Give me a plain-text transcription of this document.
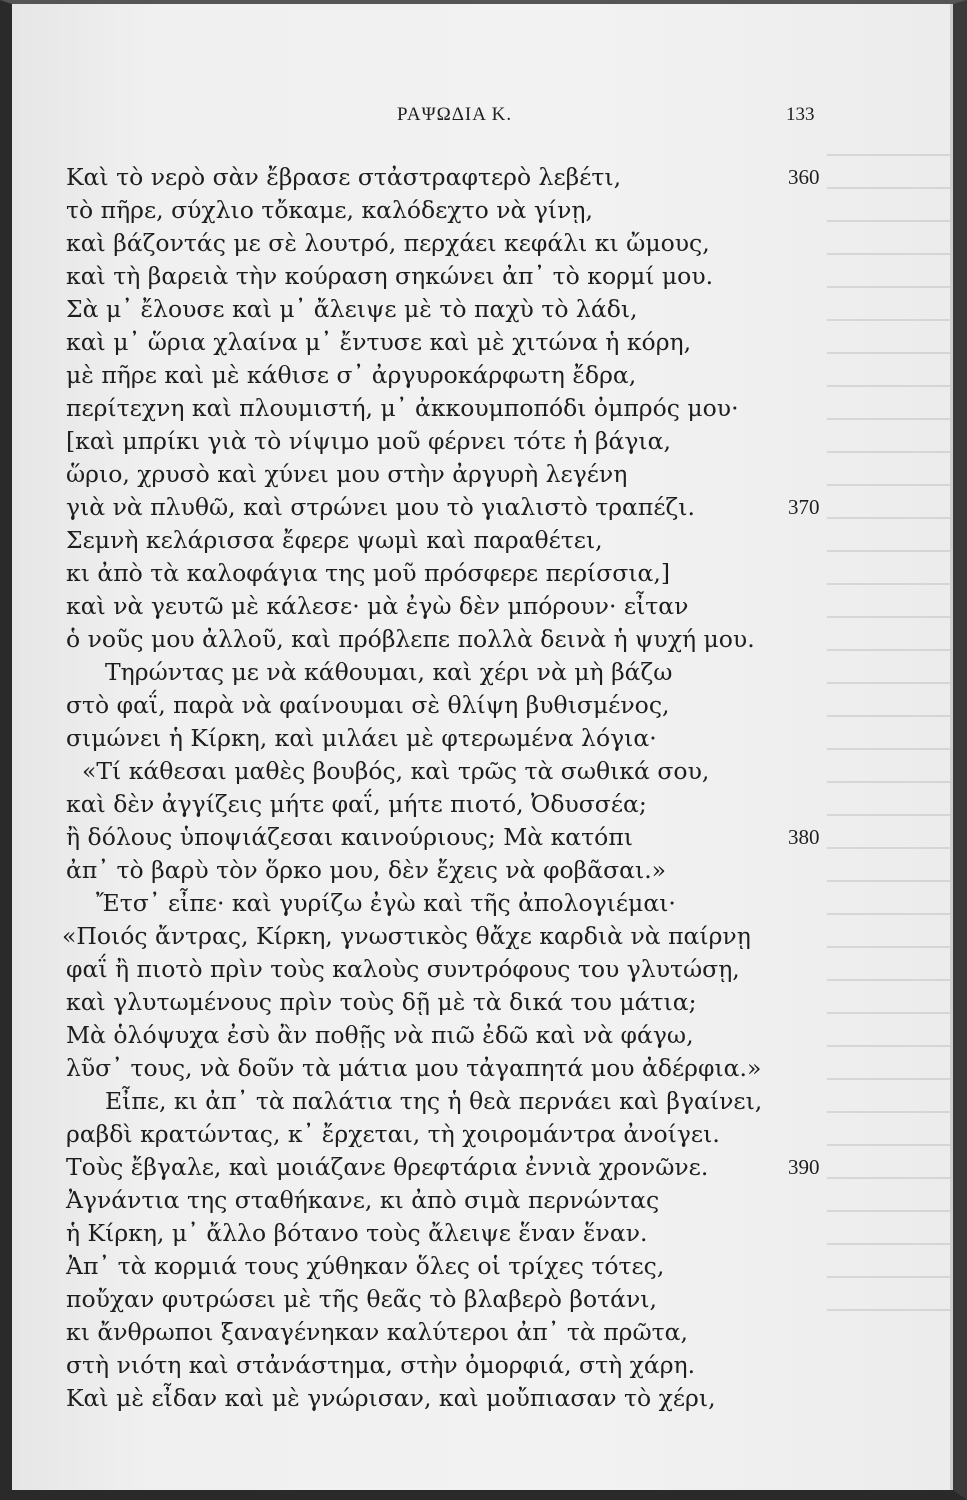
ΡΑΨΩΔΙΑ Κ.	133
Καὶ τὸ νερὸ σὰν ἔβρασε στἀστραφτερὸ λεβέτι,
τὸ πῆρε, σύχλιο τὄκαμε, καλόδεχτο νὰ γίνῃ,
καὶ βάζοντάς με σὲ λουτρό, περχάει κεφάλι κι ὤμους,
καὶ τὴ βαρειὰ τὴν κούραση σηκώνει ἀπ᾽ τὸ κορμί μου.
Σὰ μ᾽ ἔλουσε καὶ μ᾽ ἄλειψε μὲ τὸ παχὺ τὸ λάδι,
καὶ μ᾽ ὥρια χλαίνα μ᾽ ἔντυσε καὶ μὲ χιτώνα ἡ κόρη,
μὲ πῆρε καὶ μὲ κάθισε σ᾽ ἀργυροκάρφωτη ἔδρα,
περίτεχνη καὶ πλουμιστή, μ᾽ ἀκκουμποπόδι ὀμπρός μου·
[καὶ μπρίκι γιὰ τὸ νίψιμο μοῦ φέρνει τότε ἡ βάγια,
ὥριο, χρυσὸ καὶ χύνει μου στὴν ἀργυρὴ λεγένη
γιὰ νὰ πλυθῶ, καὶ στρώνει μου τὸ γιαλιστὸ τραπέζι.
Σεμνὴ κελάρισσα ἔφερε ψωμὶ καὶ παραθέτει,
κι ἀπὸ τὰ καλοφάγια της μοῦ πρόσφερε περίσσια,]
καὶ νὰ γευτῶ μὲ κάλεσε· μὰ ἐγὼ δὲν μπόρουν· εἶταν
ὁ νοῦς μου ἀλλοῦ, καὶ πρόβλεπε πολλὰ δεινὰ ἡ ψυχή μου.
Τηρώντας με νὰ κάθουμαι, καὶ χέρι νὰ μὴ βάζω
στὸ φαΐ, παρὰ νὰ φαίνουμαι σὲ θλίψη βυθισμένος,
σιμώνει ἡ Κίρκη, καὶ μιλάει μὲ φτερωμένα λόγια·
«Τί κάθεσαι μαθὲς βουβός, καὶ τρῶς τὰ σωθικά σου,
καὶ δὲν ἀγγίζεις μήτε φαΐ, μήτε πιοτό, Ὀδυσσέα;
ἢ δόλους ὑποψιάζεσαι καινούριους; Μὰ κατόπι
ἀπ᾽ τὸ βαρὺ τὸν ὅρκο μου, δὲν ἔχεις νὰ φοβᾶσαι.»
Ἔτσ᾽ εἶπε· καὶ γυρίζω ἐγὼ καὶ τῆς ἀπολογιέμαι·
«Ποιός ἄντρας, Κίρκη, γνωστικὸς θἄχε καρδιὰ νὰ παίρνῃ
φαΐ ἢ πιοτὸ πρὶν τοὺς καλοὺς συντρόφους του γλυτώσῃ,
καὶ γλυτωμένους πρὶν τοὺς δῇ μὲ τὰ δικά του μάτια;
Μὰ ὁλόψυχα ἐσὺ ἂν ποθῇς νὰ πιῶ ἐδῶ καὶ νὰ φάγω,
λῦσ᾽ τους, νὰ δοῦν τὰ μάτια μου τἀγαπητά μου ἀδέρφια.»
Εἶπε, κι ἀπ᾽ τὰ παλάτια της ἡ θεὰ περνάει καὶ βγαίνει,
ραβδὶ κρατώντας, κ᾽ ἔρχεται, τὴ χοιρομάντρα ἀνοίγει.
Τοὺς ἔβγαλε, καὶ μοιάζανε θρεφτάρια ἐννιὰ χρονῶνε.
Ἀγνάντια της σταθήκανε, κι ἀπὸ σιμὰ περνώντας
ἡ Κίρκη, μ᾽ ἄλλο βότανο τοὺς ἄλειψε ἕναν ἕναν.
Ἀπ᾽ τὰ κορμιά τους χύθηκαν ὅλες οἱ τρίχες τότες,
ποὔχαν φυτρώσει μὲ τῆς θεᾶς τὸ βλαβερὸ βοτάνι,
κι ἄνθρωποι ξαναγένηκαν καλύτεροι ἀπ᾽ τὰ πρῶτα,
στὴ νιότη καὶ στἀνάστημα, στὴν ὀμορφιά, στὴ χάρη.
Καὶ μὲ εἶδαν καὶ μὲ γνώρισαν, καὶ μοὔπιασαν τὸ χέρι,
360
370
380
390
